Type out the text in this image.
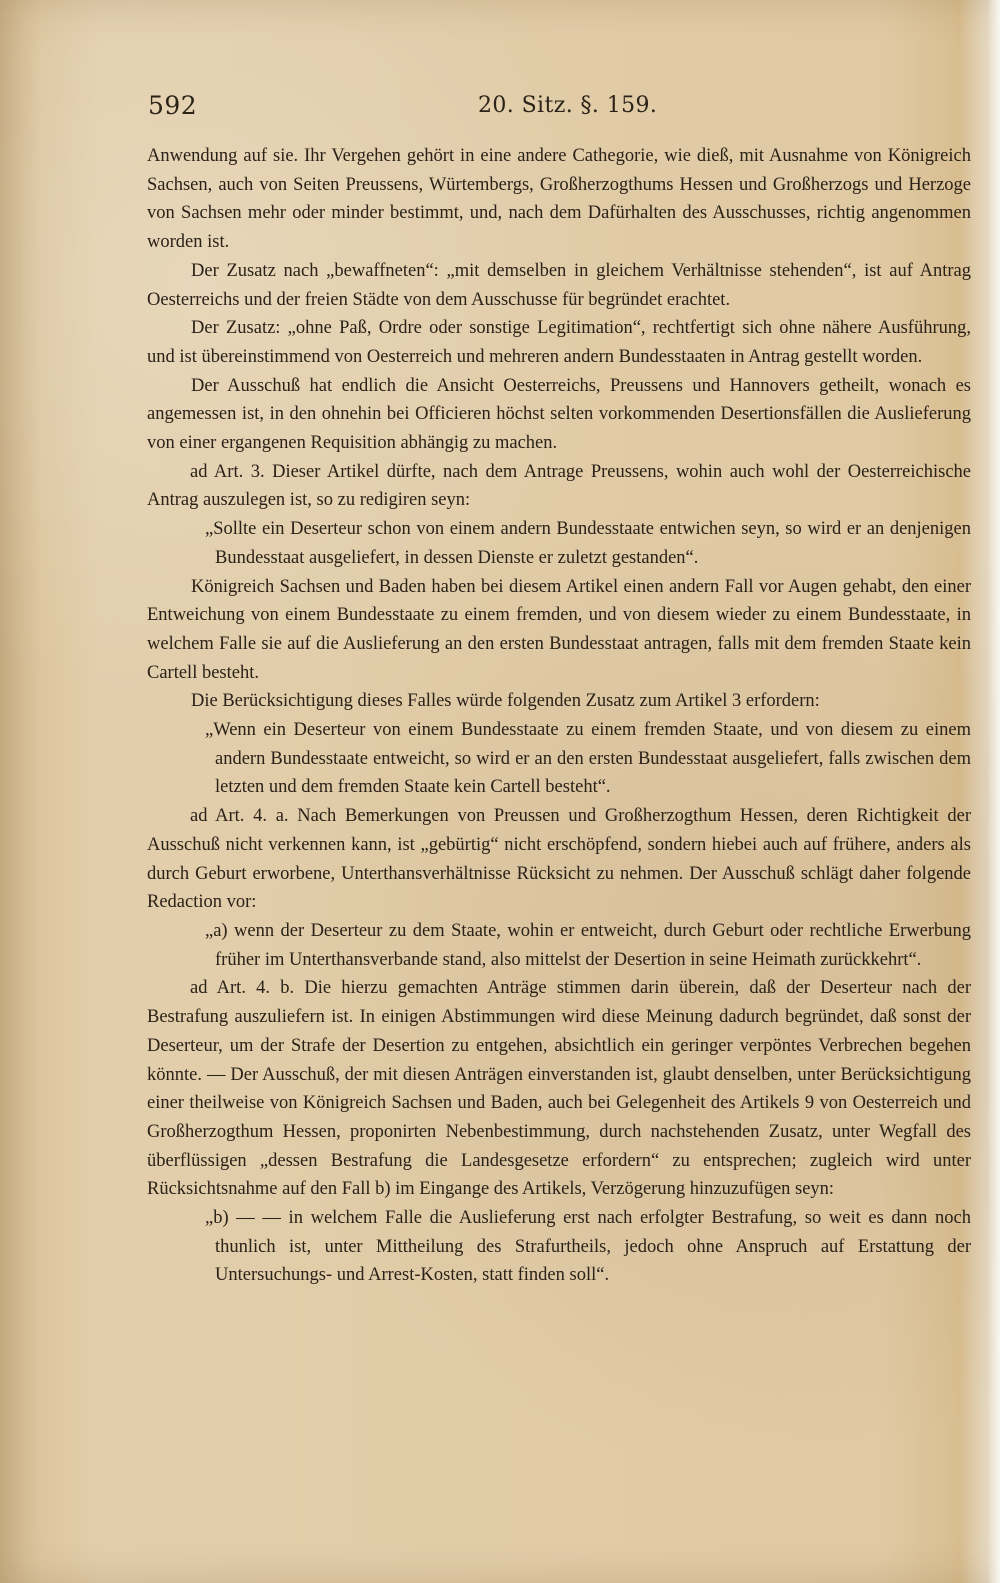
592	20. Sitz. §. 159.

Anwendung auf sie. Ihr Vergehen gehört in eine andere Cathegorie, wie dieß, mit Ausnahme von Königreich Sachsen, auch von Seiten Preussens, Würtembergs, Großherzogthums Hessen und Großherzogs und Herzoge von Sachsen mehr oder minder bestimmt, und, nach dem Dafürhalten des Ausschusses, richtig angenommen worden ist.

Der Zusatz nach „bewaffneten“: „mit demselben in gleichem Verhältnisse stehenden“, ist auf Antrag Oesterreichs und der freien Städte von dem Ausschusse für begründet erachtet.

Der Zusatz: „ohne Paß, Ordre oder sonstige Legitimation“, rechtfertigt sich ohne nähere Ausführung, und ist übereinstimmend von Oesterreich und mehreren andern Bundesstaaten in Antrag gestellt worden.

Der Ausschuß hat endlich die Ansicht Oesterreichs, Preussens und Hannovers getheilt, wonach es angemessen ist, in den ohnehin bei Officieren höchst selten vorkommenden Desertionsfällen die Auslieferung von einer ergangenen Requisition abhängig zu machen.

ad Art. 3. Dieser Artikel dürfte, nach dem Antrage Preussens, wohin auch wohl der Oesterreichische Antrag auszulegen ist, so zu redigiren seyn:

„Sollte ein Deserteur schon von einem andern Bundesstaate entwichen seyn, so wird er an denjenigen Bundesstaat ausgeliefert, in dessen Dienste er zuletzt gestanden“.

Königreich Sachsen und Baden haben bei diesem Artikel einen andern Fall vor Augen gehabt, den einer Entweichung von einem Bundesstaate zu einem fremden, und von diesem wieder zu einem Bundesstaate, in welchem Falle sie auf die Auslieferung an den ersten Bundesstaat antragen, falls mit dem fremden Staate kein Cartell besteht.

Die Berücksichtigung dieses Falles würde folgenden Zusatz zum Artikel 3 erfordern:

„Wenn ein Deserteur von einem Bundesstaate zu einem fremden Staate, und von diesem zu einem andern Bundesstaate entweicht, so wird er an den ersten Bundesstaat ausgeliefert, falls zwischen dem letzten und dem fremden Staate kein Cartell besteht“.

ad Art. 4. a. Nach Bemerkungen von Preussen und Großherzogthum Hessen, deren Richtigkeit der Ausschuß nicht verkennen kann, ist „gebürtig“ nicht erschöpfend, sondern hiebei auch auf frühere, anders als durch Geburt erworbene, Unterthansverhältnisse Rücksicht zu nehmen. Der Ausschuß schlägt daher folgende Redaction vor:

„a) wenn der Deserteur zu dem Staate, wohin er entweicht, durch Geburt oder rechtliche Erwerbung früher im Unterthansverbande stand, also mittelst der Desertion in seine Heimath zurückkehrt“.

ad Art. 4. b. Die hierzu gemachten Anträge stimmen darin überein, daß der Deserteur nach der Bestrafung auszuliefern ist. In einigen Abstimmungen wird diese Meinung dadurch begründet, daß sonst der Deserteur, um der Strafe der Desertion zu entgehen, absichtlich ein geringer verpöntes Verbrechen begehen könnte. — Der Ausschuß, der mit diesen Anträgen einverstanden ist, glaubt denselben, unter Berücksichtigung einer theilweise von Königreich Sachsen und Baden, auch bei Gelegenheit des Artikels 9 von Oesterreich und Großherzogthum Hessen, proponirten Nebenbestimmung, durch nachstehenden Zusatz, unter Wegfall des überflüssigen „dessen Bestrafung die Landesgesetze erfordern“ zu entsprechen; zugleich wird unter Rücksichtsnahme auf den Fall b) im Eingange des Artikels, Verzögerung hinzuzufügen seyn:

„b) — — in welchem Falle die Auslieferung erst nach erfolgter Bestrafung, so weit es dann noch thunlich ist, unter Mittheilung des Strafurtheils, jedoch ohne Anspruch auf Erstattung der Untersuchungs- und Arrest-Kosten, statt finden soll“.
